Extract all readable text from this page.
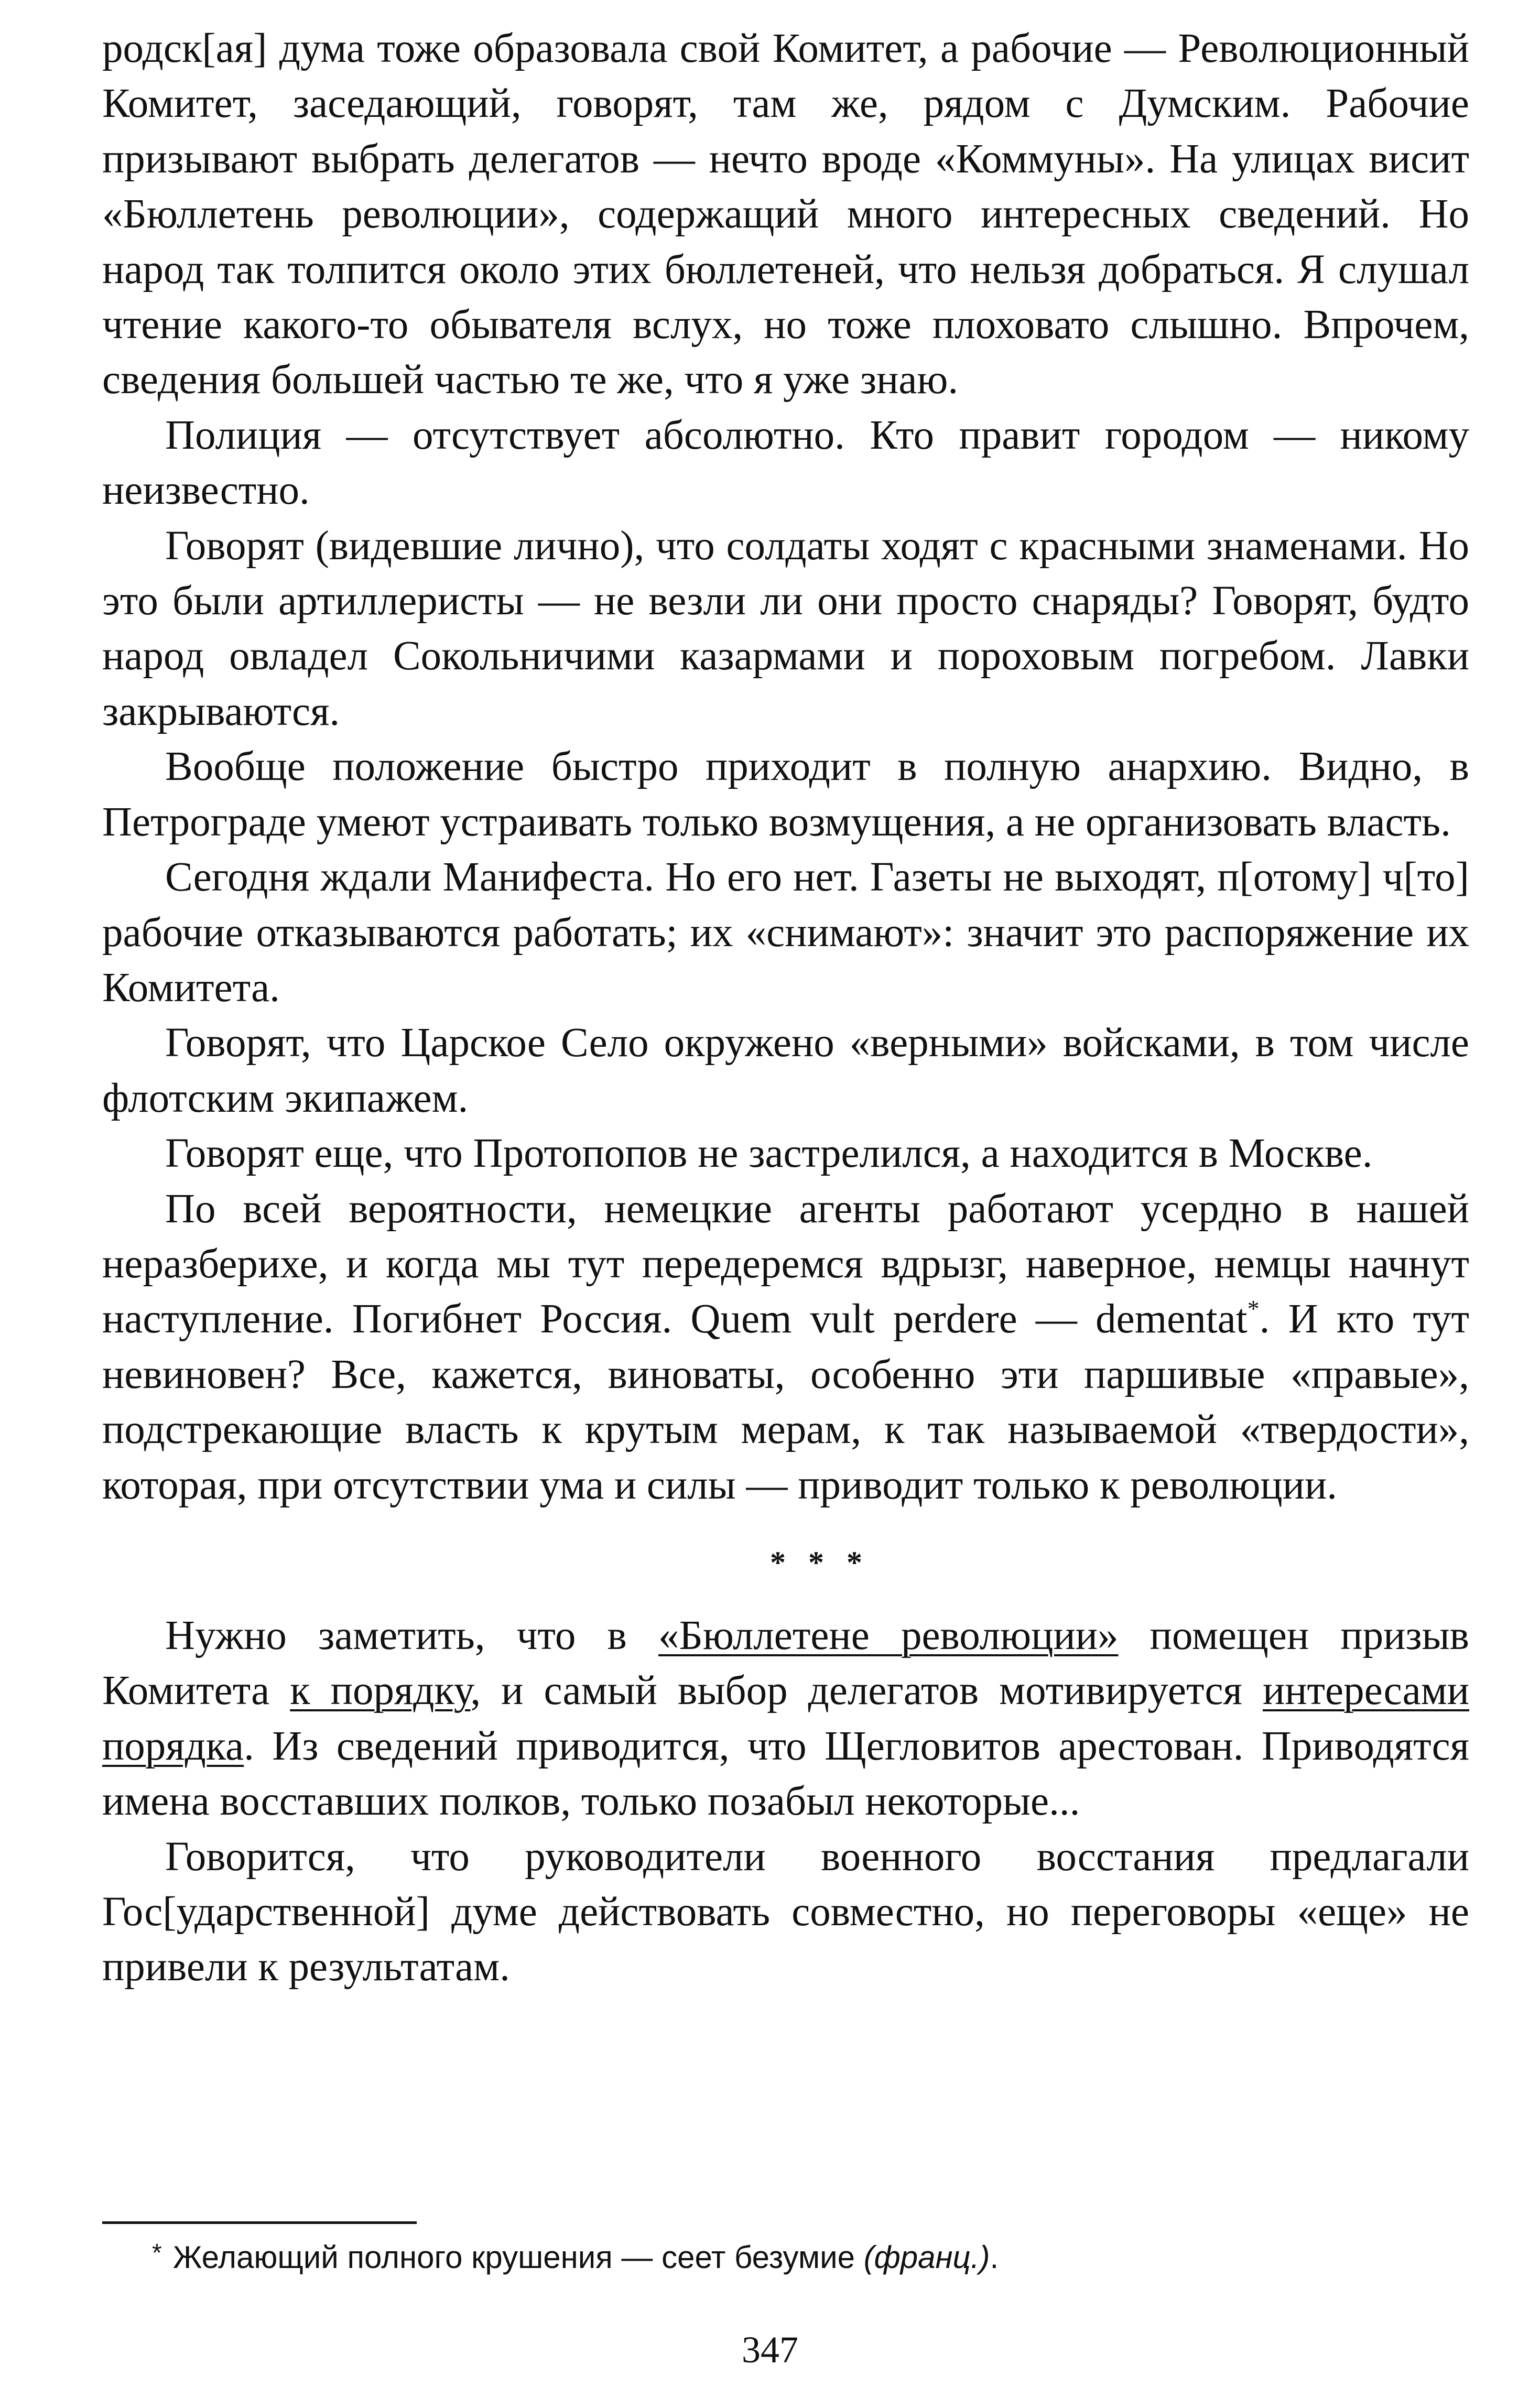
родск[ая] дума тоже образовала свой Комитет, а рабочие — Революционный Комитет, заседающий, говорят, там же, рядом с Думским. Рабочие призывают выбрать делегатов — нечто вроде «Коммуны». На улицах висит «Бюллетень революции», содержащий много интересных сведений. Но народ так толпится около этих бюллетеней, что нельзя добраться. Я слушал чтение какого-то обывателя вслух, но тоже плоховато слышно. Впрочем, сведения большей частью те же, что я уже знаю.

Полиция — отсутствует абсолютно. Кто правит городом — никому неизвестно.

Говорят (видевшие лично), что солдаты ходят с красными знаменами. Но это были артиллеристы — не везли ли они просто снаряды? Говорят, будто народ овладел Сокольничими казармами и пороховым погребом. Лавки закрываются.

Вообще положение быстро приходит в полную анархию. Видно, в Петрограде умеют устраивать только возмущения, а не организовать власть.

Сегодня ждали Манифеста. Но его нет. Газеты не выходят, п[отому] ч[то] рабочие отказываются работать; их «снимают»: значит это распоряжение их Комитета.

Говорят, что Царское Село окружено «верными» войсками, в том числе флотским экипажем.

Говорят еще, что Протопопов не застрелился, а находится в Москве.

По всей вероятности, немецкие агенты работают усердно в нашей неразберихе, и когда мы тут передеремся вдрызг, наверное, немцы начнут наступление. Погибнет Россия. Quem vult perdere — dementat*. И кто тут невиновен? Все, кажется, виноваты, особенно эти паршивые «правые», подстрекающие власть к крутым мерам, к так называемой «твердости», которая, при отсутствии ума и силы — приводит только к революции.

* * *

Нужно заметить, что в «Бюллетене революции» помещен призыв Комитета к порядку, и самый выбор делегатов мотивируется интересами порядка. Из сведений приводится, что Щегловитов арестован. Приводятся имена восставших полков, только позабыл некоторые...

Говорится, что руководители военного восстания предлагали Гос[ударственной] думе действовать совместно, но переговоры «еще» не привели к результатам.

* Желающий полного крушения — сеет безумие (франц.).
347
